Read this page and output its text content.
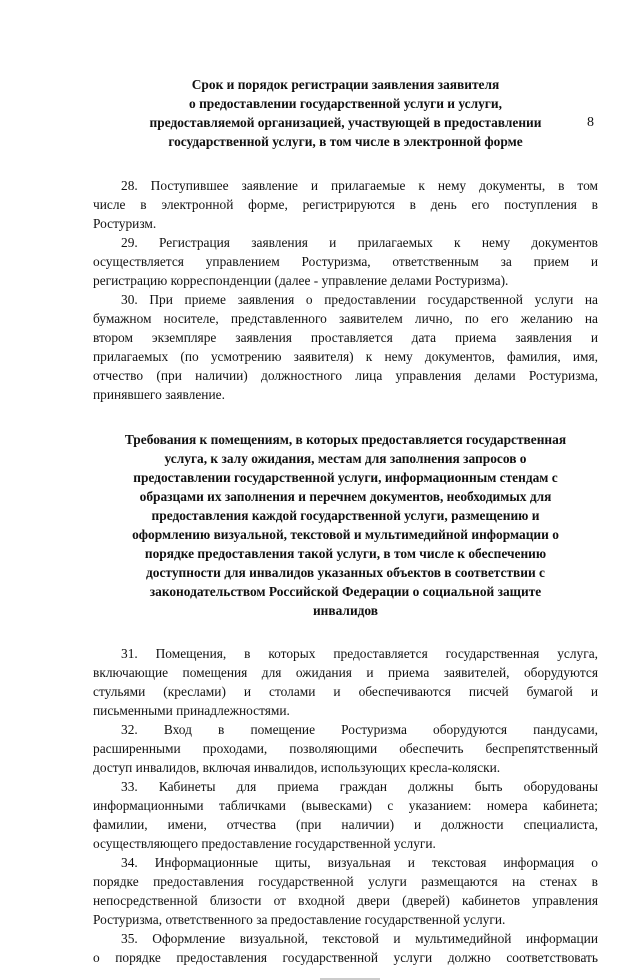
8
Срок и порядок регистрации заявления заявителя
о предоставлении государственной услуги и услуги,
предоставляемой организацией, участвующей в предоставлении
государственной услуги, в том числе в электронной форме

28. Поступившее заявление и прилагаемые к нему документы, в том
числе в электронной форме, регистрируются в день его поступления в
Ростуризм.

29. Регистрация заявления и прилагаемых к нему документов
осуществляется управлением Ростуризма, ответственным за прием и
регистрацию корреспонденции (далее - управление делами Ростуризма).

30. При приеме заявления о предоставлении государственной услуги на
бумажном носителе, представленного заявителем лично, по его желанию на
втором экземпляре заявления проставляется дата приема заявления и
прилагаемых (по усмотрению заявителя) к нему документов, фамилия, имя,
отчество (при наличии) должностного лица управления делами Ростуризма,
принявшего заявление.

Требования к помещениям, в которых предоставляется государственная
услуга, к залу ожидания, местам для заполнения запросов о
предоставлении государственной услуги, информационным стендам с
образцами их заполнения и перечнем документов, необходимых для
предоставления каждой государственной услуги, размещению и
оформлению визуальной, текстовой и мультимедийной информации о
порядке предоставления такой услуги, в том числе к обеспечению
доступности для инвалидов указанных объектов в соответствии с
законодательством Российской Федерации о социальной защите
инвалидов

31. Помещения, в которых предоставляется государственная услуга,
включающие помещения для ожидания и приема заявителей, оборудуются
стульями (креслами) и столами и обеспечиваются писчей бумагой и
письменными принадлежностями.

32. Вход в помещение Ростуризма оборудуются пандусами,
расширенными проходами, позволяющими обеспечить беспрепятственный
доступ инвалидов, включая инвалидов, использующих кресла-коляски.

33. Кабинеты для приема граждан должны быть оборудованы
информационными табличками (вывесками) с указанием: номера кабинета;
фамилии, имени, отчества (при наличии) и должности специалиста,
осуществляющего предоставление государственной услуги.

34. Информационные щиты, визуальная и текстовая информация о
порядке предоставления государственной услуги размещаются на стенах в
непосредственной близости от входной двери (дверей) кабинетов управления
Ростуризма, ответственного за предоставление государственной услуги.

35. Оформление визуальной, текстовой и мультимедийной информации
о порядке предоставления государственной услуги должно соответствовать
